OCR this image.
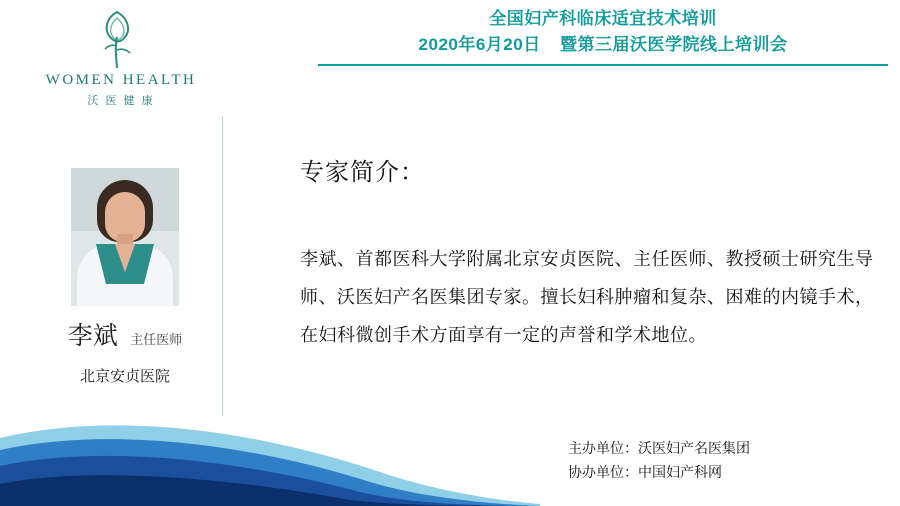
全国妇产科临床适宜技术培训
2020年6月20日 暨第三届沃医学院线上培训会
WOMEN HEALTH
沃 医 健 康
李斌 主任医师
北京安贞医院
专家简介：
李斌、首都医科大学附属北京安贞医院、主任医师、教授硕士研究生导师、沃医妇产名医集团专家。擅长妇科肿瘤和复杂、困难的内镜手术，在妇科微创手术方面享有一定的声誉和学术地位。
主办单位：沃医妇产名医集团
协办单位：中国妇产科网
